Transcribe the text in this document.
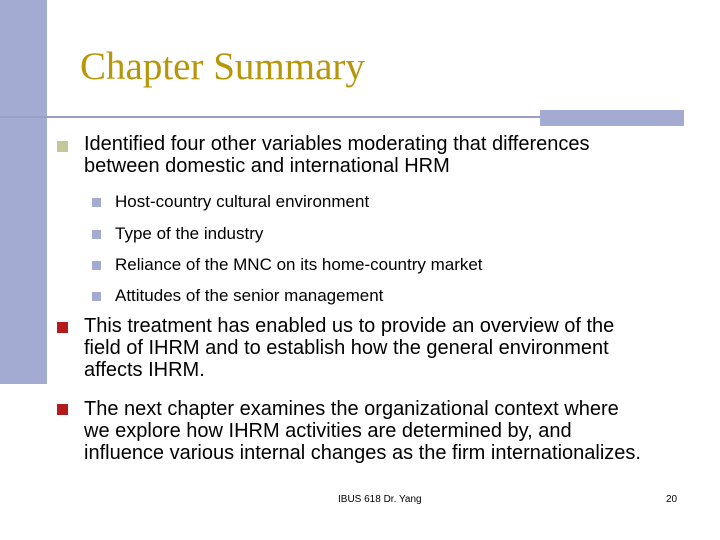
Chapter Summary

Identified four other variables moderating that differences
between domestic and international HRM

Host-country cultural environment

Type of the industry

Reliance of the MNC on its home-country market

Attitudes of the senior management

This treatment has enabled us to provide an overview of the
field of IHRM and to establish how the general environment
affects IHRM.

The next chapter examines the organizational context where
we explore how IHRM activities are determined by, and
influence various internal changes as the firm internationalizes.

IBUS 618 Dr. Yang	20
